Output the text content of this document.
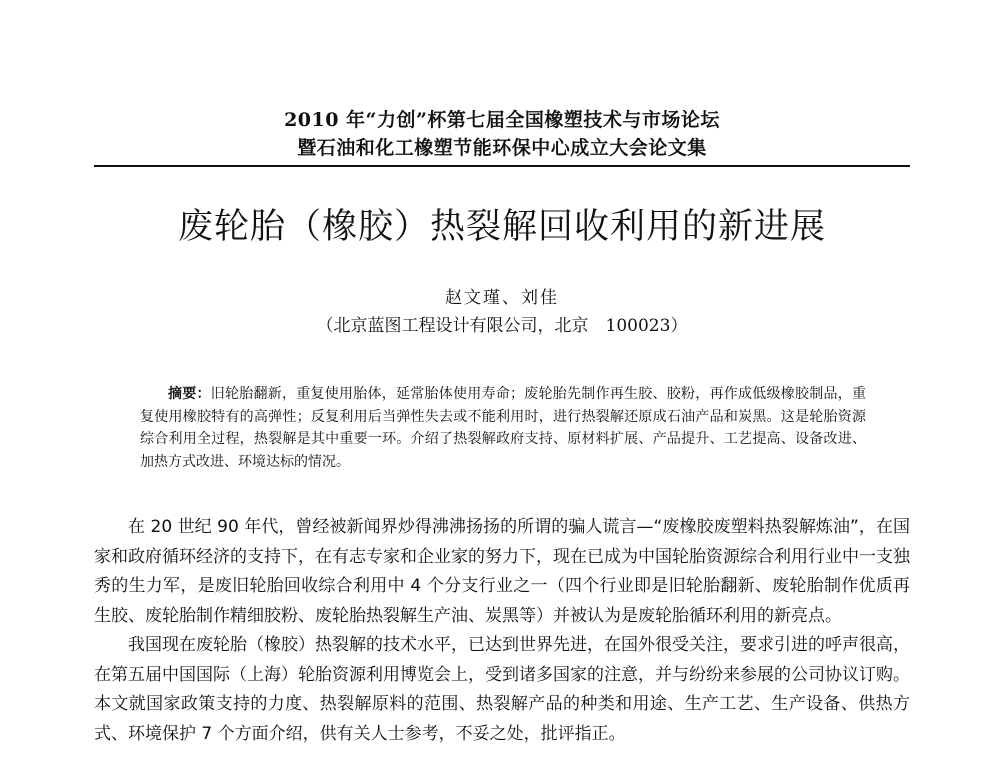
2010 年“力创”杯第七届全国橡塑技术与市场论坛
暨石油和化工橡塑节能环保中心成立大会论文集
废轮胎（橡胶）热裂解回收利用的新进展
赵文瑾、刘佳
（北京蓝图工程设计有限公司，北京　100023）
摘要：旧轮胎翻新，重复使用胎体，延常胎体使用寿命；废轮胎先制作再生胶、胶粉，再作成低级橡胶制品，重复使用橡胶特有的高弹性；反复利用后当弹性失去或不能利用时，进行热裂解还原成石油产品和炭黑。这是轮胎资源综合利用全过程，热裂解是其中重要一环。介绍了热裂解政府支持、原材料扩展、产品提升、工艺提高、设备改进、加热方式改进、环境达标的情况。

在 20 世纪 90 年代，曾经被新闻界炒得沸沸扬扬的所谓的骗人谎言—“废橡胶废塑料热裂解炼油”，在国家和政府循环经济的支持下，在有志专家和企业家的努力下，现在已成为中国轮胎资源综合利用行业中一支独秀的生力军，是废旧轮胎回收综合利用中 4 个分支行业之一（四个行业即是旧轮胎翻新、废轮胎制作优质再生胶、废轮胎制作精细胶粉、废轮胎热裂解生产油、炭黑等）并被认为是废轮胎循环利用的新亮点。

我国现在废轮胎（橡胶）热裂解的技术水平，已达到世界先进，在国外很受关注，要求引进的呼声很高，在第五届中国国际（上海）轮胎资源利用博览会上，受到诸多国家的注意，并与纷纷来参展的公司协议订购。本文就国家政策支持的力度、热裂解原料的范围、热裂解产品的种类和用途、生产工艺、生产设备、供热方式、环境保护 7 个方面介绍，供有关人士参考，不妥之处，批评指正。
